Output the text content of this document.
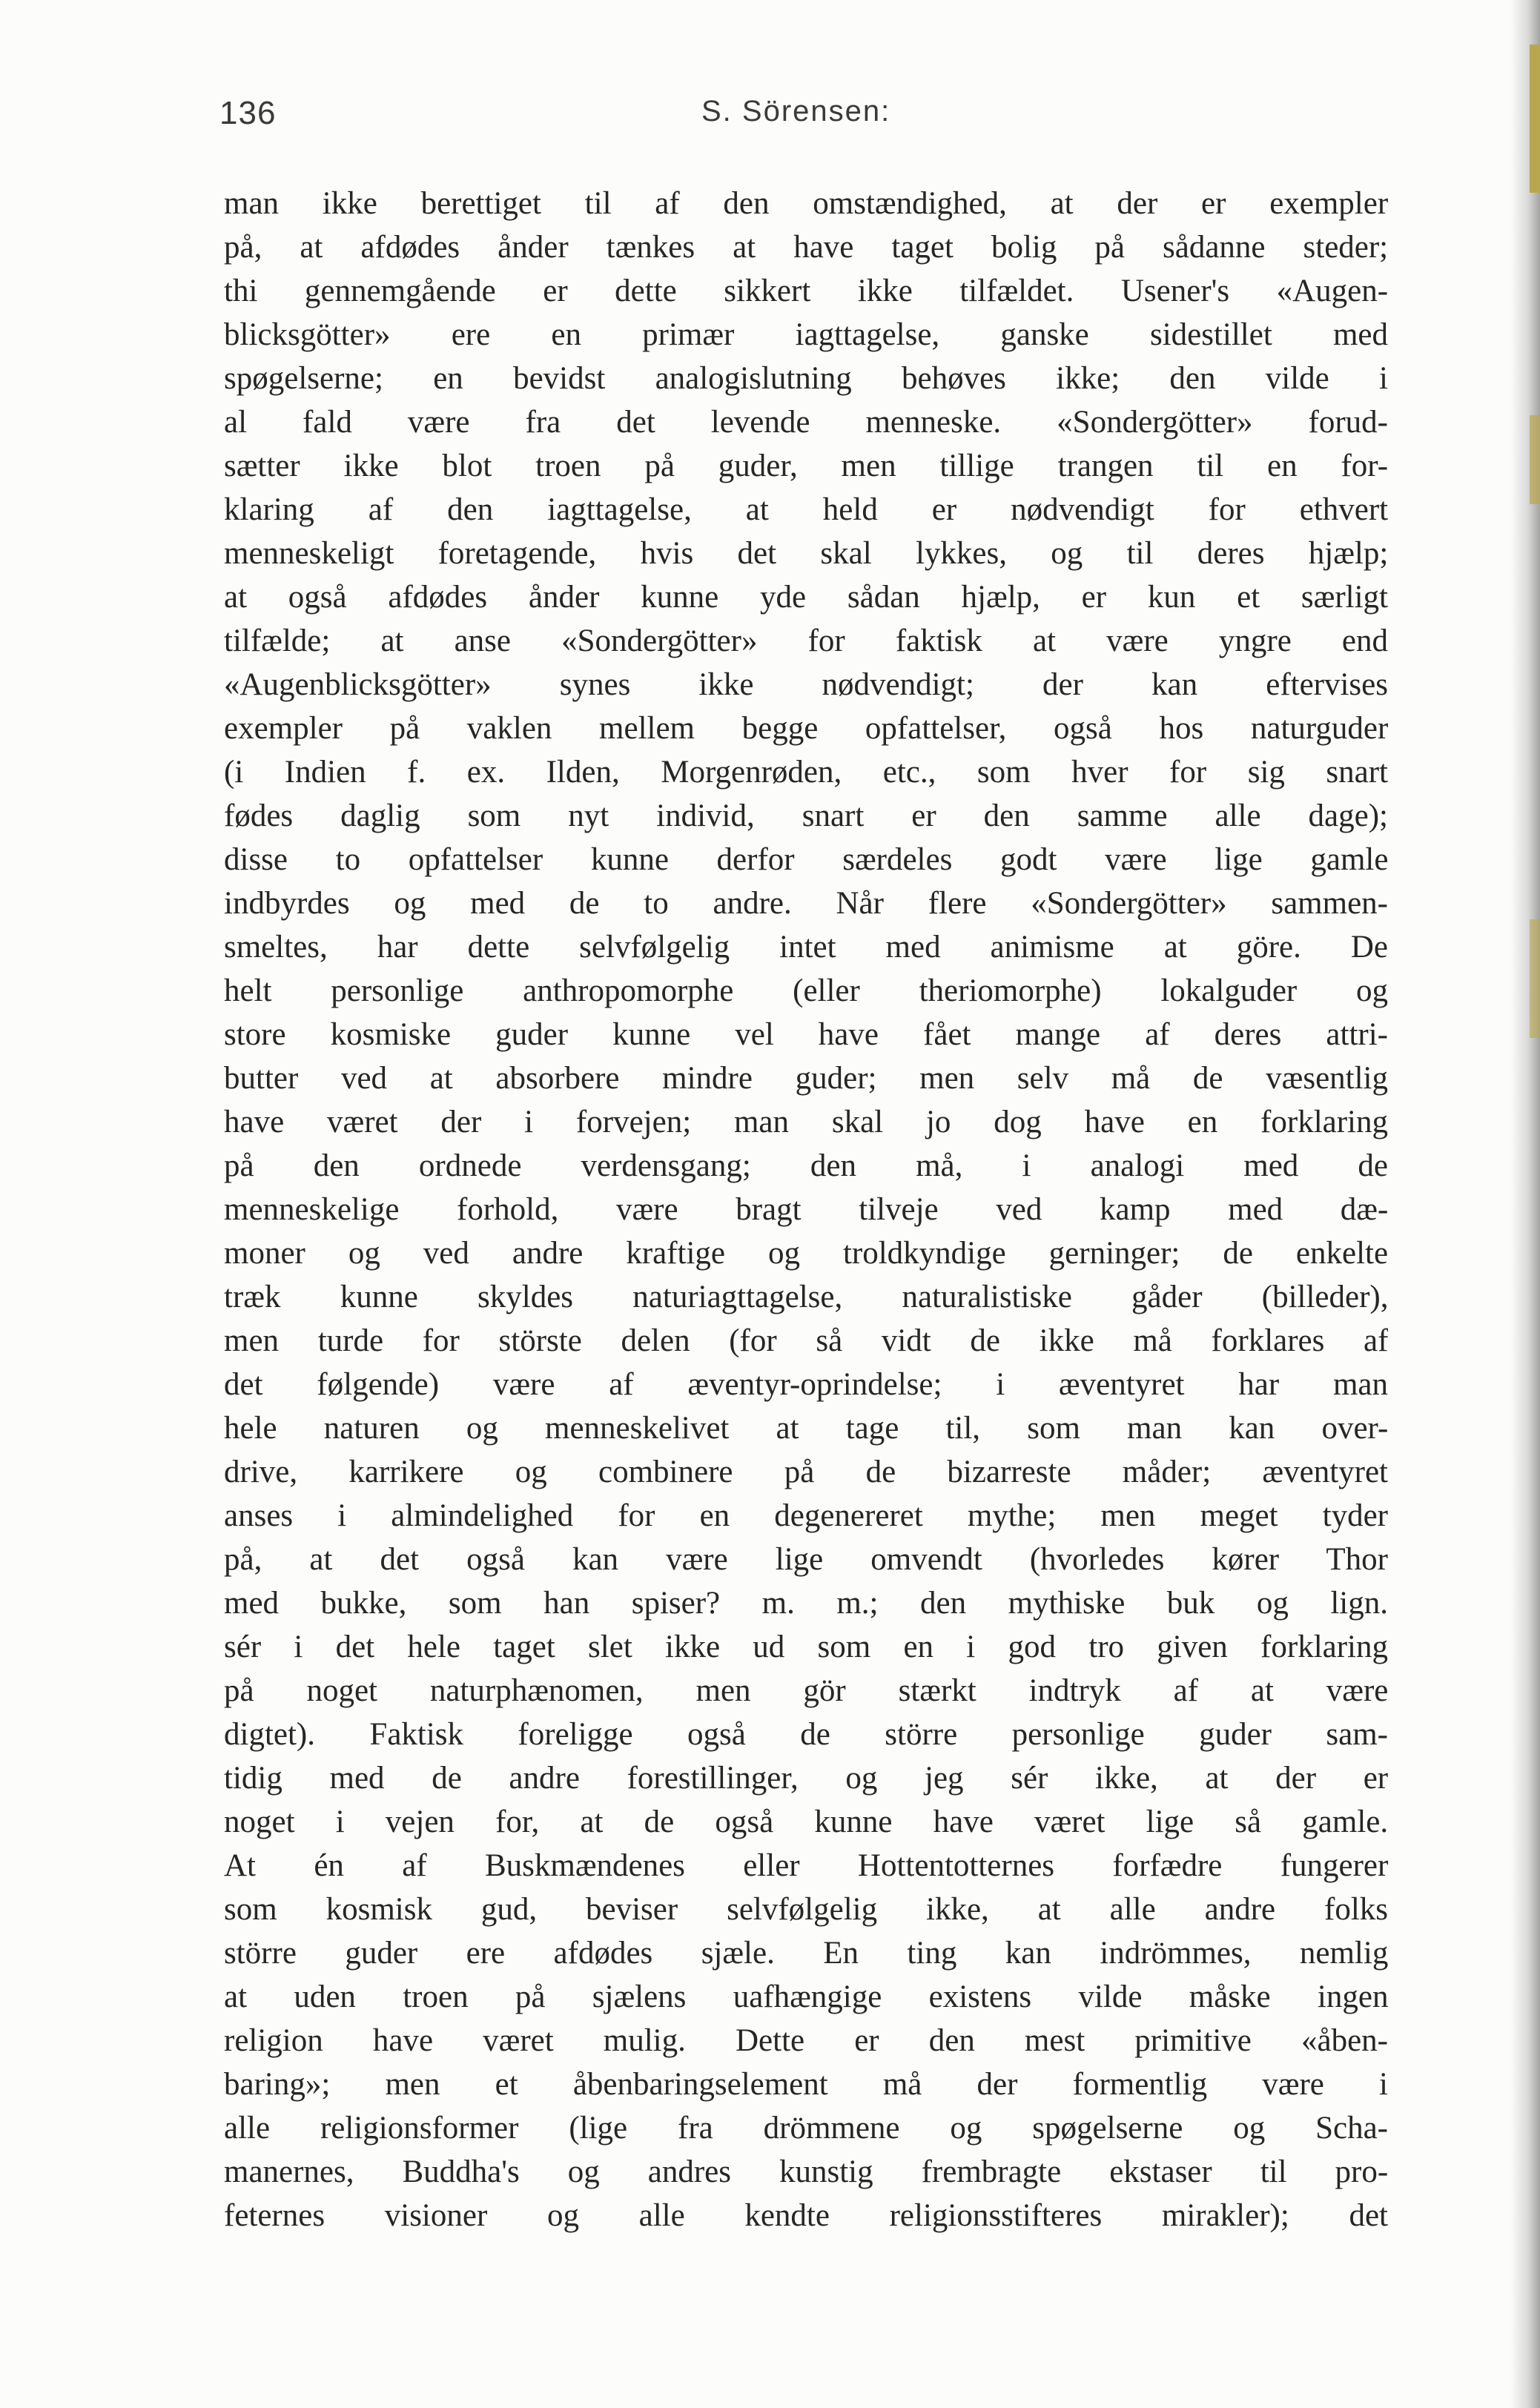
136	S. Sörensen:
man ikke berettiget til af den omstændighed, at der er exempler
på, at afdødes ånder tænkes at have taget bolig på sådanne steder;
thi gennemgående er dette sikkert ikke tilfældet. Usener's «Augen-
blicksgötter» ere en primær iagttagelse, ganske sidestillet med
spøgelserne; en bevidst analogislutning behøves ikke; den vilde i
al fald være fra det levende menneske. «Sondergötter» forud-
sætter ikke blot troen på guder, men tillige trangen til en for-
klaring af den iagttagelse, at held er nødvendigt for ethvert
menneskeligt foretagende, hvis det skal lykkes, og til deres hjælp;
at også afdødes ånder kunne yde sådan hjælp, er kun et særligt
tilfælde; at anse «Sondergötter» for faktisk at være yngre end
«Augenblicksgötter» synes ikke nødvendigt; der kan eftervises
exempler på vaklen mellem begge opfattelser, også hos naturguder
(i Indien f. ex. Ilden, Morgenrøden, etc., som hver for sig snart
fødes daglig som nyt individ, snart er den samme alle dage);
disse to opfattelser kunne derfor særdeles godt være lige gamle
indbyrdes og med de to andre. Når flere «Sondergötter» sammen-
smeltes, har dette selvfølgelig intet med animisme at göre. De
helt personlige anthropomorphe (eller theriomorphe) lokalguder og
store kosmiske guder kunne vel have fået mange af deres attri-
butter ved at absorbere mindre guder; men selv må de væsentlig
have været der i forvejen; man skal jo dog have en forklaring
på den ordnede verdensgang; den må, i analogi med de
menneskelige forhold, være bragt tilveje ved kamp med dæ-
moner og ved andre kraftige og troldkyndige gerninger; de enkelte
træk kunne skyldes naturiagttagelse, naturalistiske gåder (billeder),
men turde for störste delen (for så vidt de ikke må forklares af
det følgende) være af æventyr-oprindelse; i æventyret har man
hele naturen og menneskelivet at tage til, som man kan over-
drive, karrikere og combinere på de bizarreste måder; æventyret
anses i almindelighed for en degenereret mythe; men meget tyder
på, at det også kan være lige omvendt (hvorledes kører Thor
med bukke, som han spiser? m. m.; den mythiske buk og lign.
sér i det hele taget slet ikke ud som en i god tro given forklaring
på noget naturphænomen, men gör stærkt indtryk af at være
digtet). Faktisk foreligge også de större personlige guder sam-
tidig med de andre forestillinger, og jeg sér ikke, at der er
noget i vejen for, at de også kunne have været lige så gamle.
At én af Buskmændenes eller Hottentotternes forfædre fungerer
som kosmisk gud, beviser selvfølgelig ikke, at alle andre folks
större guder ere afdødes sjæle. En ting kan indrömmes, nemlig
at uden troen på sjælens uafhængige existens vilde måske ingen
religion have været mulig. Dette er den mest primitive «åben-
baring»; men et åbenbaringselement må der formentlig være i
alle religionsformer (lige fra drömmene og spøgelserne og Scha-
manernes, Buddha's og andres kunstig frembragte ekstaser til pro-
feternes visioner og alle kendte religionsstifteres mirakler); det
